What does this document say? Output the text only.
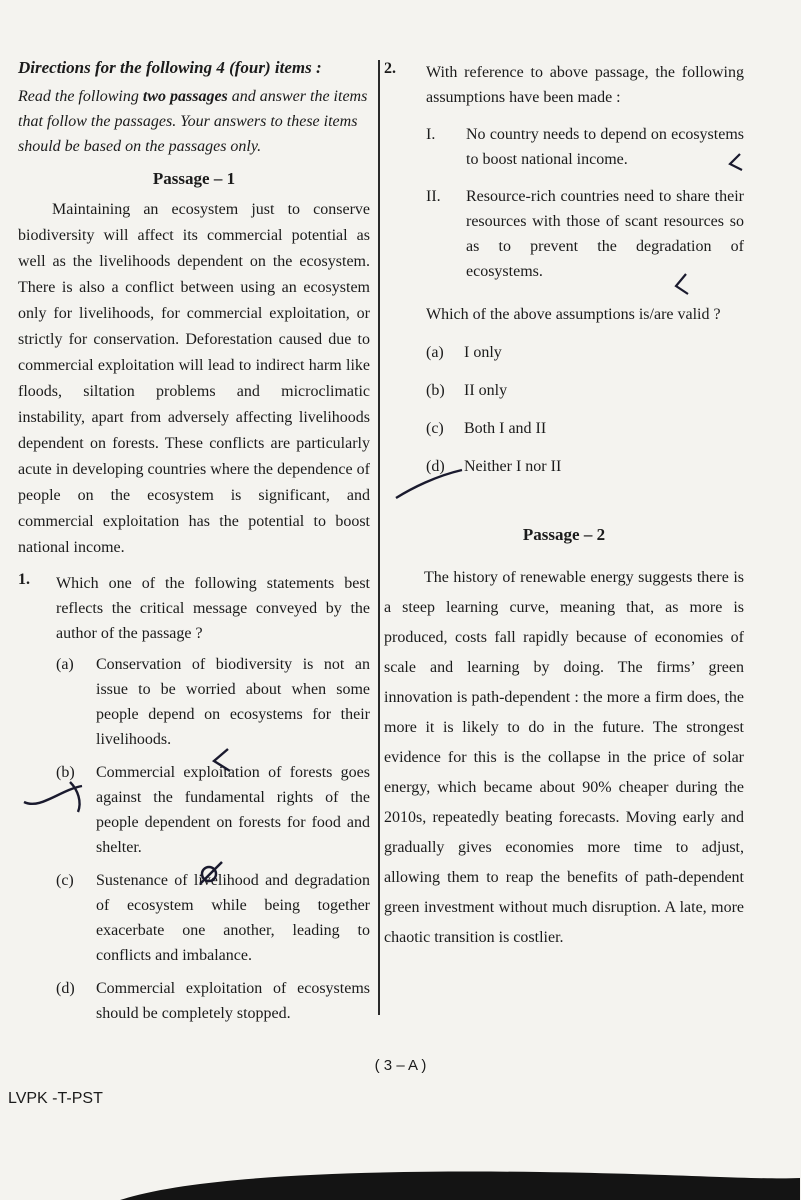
Directions for the following 4 (four) items :

Read the following two passages and answer the items that follow the passages. Your answers to these items should be based on the passages only.

Passage – 1

Maintaining an ecosystem just to conserve biodiversity will affect its commercial potential as well as the livelihoods dependent on the ecosystem. There is also a conflict between using an ecosystem only for livelihoods, for commercial exploitation, or strictly for conservation. Deforestation caused due to commercial exploitation will lead to indirect harm like floods, siltation problems and microclimatic instability, apart from adversely affecting livelihoods dependent on forests. These conflicts are particularly acute in developing countries where the dependence of people on the ecosystem is significant, and commercial exploitation has the potential to boost national income.

1. Which one of the following statements best reflects the critical message conveyed by the author of the passage ?
(a) Conservation of biodiversity is not an issue to be worried about when some people depend on ecosystems for their livelihoods.
(b) Commercial exploitation of forests goes against the fundamental rights of the people dependent on forests for food and shelter.
(c) Sustenance of livelihood and degradation of ecosystem while being together exacerbate one another, leading to conflicts and imbalance.
(d) Commercial exploitation of ecosystems should be completely stopped.
2. With reference to above passage, the following assumptions have been made :
I. No country needs to depend on ecosystems to boost national income.
II. Resource-rich countries need to share their resources with those of scant resources so as to prevent the degradation of ecosystems.
Which of the above assumptions is/are valid ?
(a) I only
(b) II only
(c) Both I and II
(d) Neither I nor II
Passage – 2

The history of renewable energy suggests there is a steep learning curve, meaning that, as more is produced, costs fall rapidly because of economies of scale and learning by doing. The firms’ green innovation is path-dependent : the more a firm does, the more it is likely to do in the future. The strongest evidence for this is the collapse in the price of solar energy, which became about 90% cheaper during the 2010s, repeatedly beating forecasts. Moving early and gradually gives economies more time to adjust, allowing them to reap the benefits of path-dependent green investment without much disruption. A late, more chaotic transition is costlier.

( 3 – A )
LVPK -T-PST
